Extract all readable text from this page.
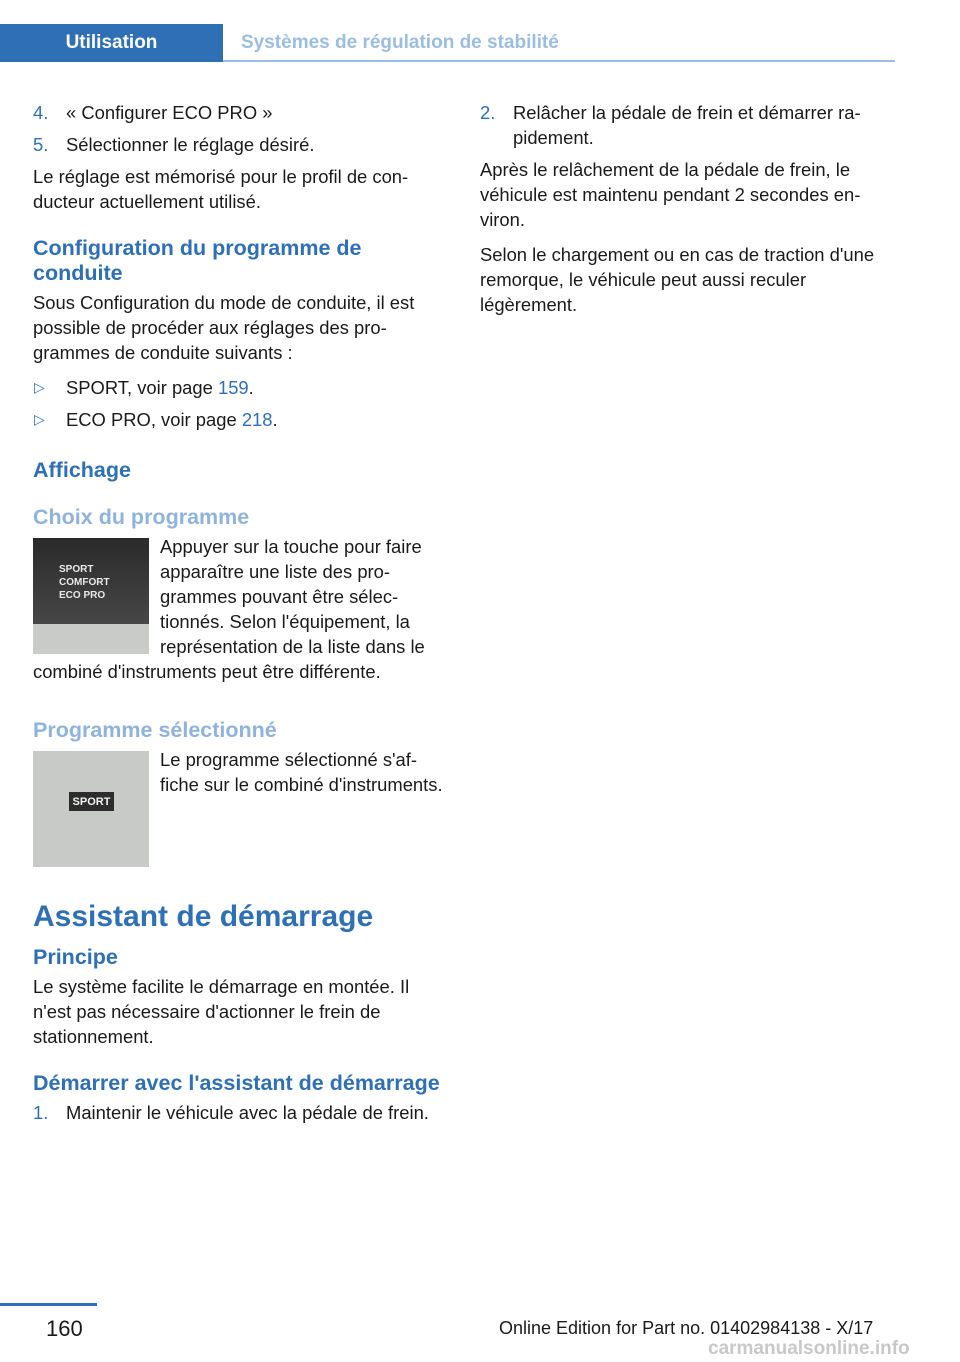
Utilisation	Systèmes de régulation de stabilité
4. « Configurer ECO PRO »
5. Sélectionner le réglage désiré.

Le réglage est mémorisé pour le profil de conducteur actuellement utilisé.

Configuration du programme de conduite

Sous Configuration du mode de conduite, il est possible de procéder aux réglages des programmes de conduite suivants :

▷ SPORT, voir page 159.
▷ ECO PRO, voir page 218.
Affichage
Choix du programme
SPORT
COMFORT
ECO PRO

Appuyer sur la touche pour faire apparaître une liste des programmes pouvant être sélectionnés. Selon l'équipement, la représentation de la liste dans le combiné d'instruments peut être différente.

Programme sélectionné
SPORT

Le programme sélectionné s'affiche sur le combiné d'instruments.

Assistant de démarrage
Principe

Le système facilite le démarrage en montée. Il n'est pas nécessaire d'actionner le frein de stationnement.

Démarrer avec l'assistant de démarrage
1. Maintenir le véhicule avec la pédale de frein.
2. Relâcher la pédale de frein et démarrer rapidement.

Après le relâchement de la pédale de frein, le véhicule est maintenu pendant 2 secondes environ.

Selon le chargement ou en cas de traction d'une remorque, le véhicule peut aussi reculer légèrement.

160	Online Edition for Part no. 01402984138 - X/17
carmanualsonline.info
